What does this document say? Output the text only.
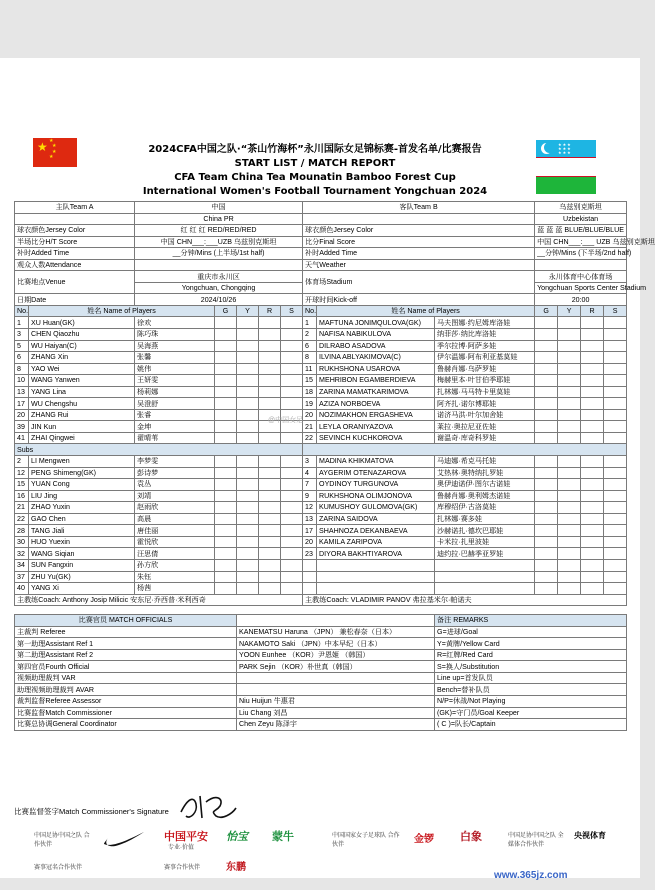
★ ★
★
★
★
★★★
★★★
★★★
2024CFA中国之队·“茶山竹海杯”永川国际女足锦标赛-首发名单/比赛报告
START LIST / MATCH REPORT
CFA Team China Tea Mounatin Bamboo Forest Cup
International Women's Football Tournament Yongchuan 2024
主队Team A		中国					客队Team B			乌兹别克斯坦			
		China PR								Uzbekistan			
球衣颜色Jersey Color		红 红 红 RED/RED/RED					球衣颜色Jersey Color			蓝 蓝 蓝 BLUE/BLUE/BLUE			
半场比分H/T Score		中国 CHN___:___UZB 乌兹别克斯坦					比分Final Score			中国 CHN___:___ UZB 乌兹别克斯坦			
补时Added Time		__分钟/Mins (上半场/1st half)					补时Added Time			__分钟/Mins (下半场/2nd half)			
观众人数Attendance							天气Weather						
比赛地点Venue		重庆市永川区					体育场Stadium			永川体育中心体育场			
		Yongchuan, Chongqing								Yongchuan Sports Center Stadium			
日期Date		2024/10/26					开球时间Kick-off			20:00			
No.	姓名 Name of Players		G	Y	R	S	No.	姓名 Name of Players		G	Y	R	S
1	XU Huan(GK)	徐欢					1	MAFTUNA JONIMQULOVA(GK)	马夫图娜·约尼姆库洛娃				
3	CHEN Qiaozhu	陈巧珠					2	NAFISA NABIKULOVA	纳菲莎·纳比库洛娃				
5	WU Haiyan(C)	吴海燕					6	DILRABO ASADOVA	季尔拉博·阿萨多娃				
6	ZHANG Xin	张馨					8	ILVINA ABLYAKIMOVA(C)	伊尔温娜·阿布利亚基莫娃				
8	YAO Wei	姚伟					11	RUKHSHONA USAROVA	鲁赫肖娜·乌萨罗娃				
10	WANG Yanwen	王妍雯					15	MEHRIBON EGAMBERDIEVA	梅赫里本·叶甘伯季耶娃				
13	YANG Lina	杨莉娜					18	ZARINA MAMATKARIMOVA	扎林娜·马马特卡里莫娃				
17	WU Chengshu	吴澄舒					19	AZIZA NORBOEVA	阿齐扎·诺尔博耶娃				
20	ZHANG Rui	张睿					20	NOZIMAKHON ERGASHEVA	诺济马洪·叶尔加舍娃				
39	JIN Kun	金坤					21	LEYLA ORANIYAZOVA	莱拉·奥拉尼亚佐娃				
41	ZHAI Qingwei	翟晴苇					22	SEVINCH KUCHKOROVA	谢温奇·库奇科罗娃				
Subs													
2	LI Mengwen	李梦雯					3	MADINA KHIKMATOVA	马迪娜·希克马托娃				
12	PENG Shimeng(GK)	彭诗梦					4	AYGERIM OTENAZAROVA	艾热林·奥特纳扎罗娃				
15	YUAN Cong	袁丛					7	OYDINOY TURGUNOVA	奥伊迪诺伊·图尔古诺娃				
16	LIU Jing	刘靖					9	RUKHSHONA OLIMJONOVA	鲁赫肖娜·奥利姆杰诺娃				
21	ZHAO Yuxin	赵雨欣					12	KUMUSHOY GULOMOVA(GK)	库穆绍伊·古洛莫娃				
22	GAO Chen	高晨					13	ZARINA SAIDOVA	扎林娜·赛多娃				
28	TANG Jiali	唐佳丽					17	SHAHNOZA DEKANBAEVA	沙赫诺扎·德坎巴耶娃				
30	HUO Yuexin	霍悦欣					20	KAMILA ZARIPOVA	卡米拉·扎里波娃				
32	WANG Siqian	汪思倩					23	DIYORA BAKHTIYAROVA	迪约拉·巴赫季亚罗娃				
34	SUN Fangxin	孙方欣											
37	ZHU Yu(GK)	朱钰											
40	YANG Xi	杨茜											
主教练Coach: Anthony Josip Milicic 安东尼·乔西普·米利西奇							主教练Coach: VLADIMIR PANOV 弗拉基米尔·帕诺夫						

比赛官员 MATCH OFFICIALS									备注 REMARKS				
主裁判 Referee				KANEMATSU Haruna （JPN） 兼松春奈（日本）					G=进球/Goal				
第一助理Assistant Ref 1				NAKAMOTO Saki （JPN）中本早纪（日本）					Y=黄牌/Yellow Card				
第二助理Assistant Ref 2				YOON Eunhee （KOR）尹恩姬 （韩国）					R=红牌/Red Card				
第四官员Fourth Official				PARK Sejin （KOR）朴世真（韩国）					S=换人/Substitution				
视频助理裁判 VAR									Line up=首发队员				
助理视频助理裁判 AVAR									Bench=替补队员				
裁判监督Referee Assessor				Niu Huijun 牛惠君					N/P=休战/Not Playing				
比赛监督Match Commissioner				Liu Chang 刘昌					(GK)=守门员/Goal Keeper				
比赛总协调General Coordinator				Chen Zeyu 陈泽宇					( C )=队长/Captain				
@中国女足
比赛监督签字Match Commissioner's Signature
中国足协中国之队 合作伙伴
中国平安
专业·价值
怡宝 蒙牛	中国国家女子足球队 合作伙伴	金锣 白象	中国足协中国之队 全媒体合作伙伴
央视体育
赛事冠名合作伙伴	赛事合作伙伴	东鹏
www.365jz.com
